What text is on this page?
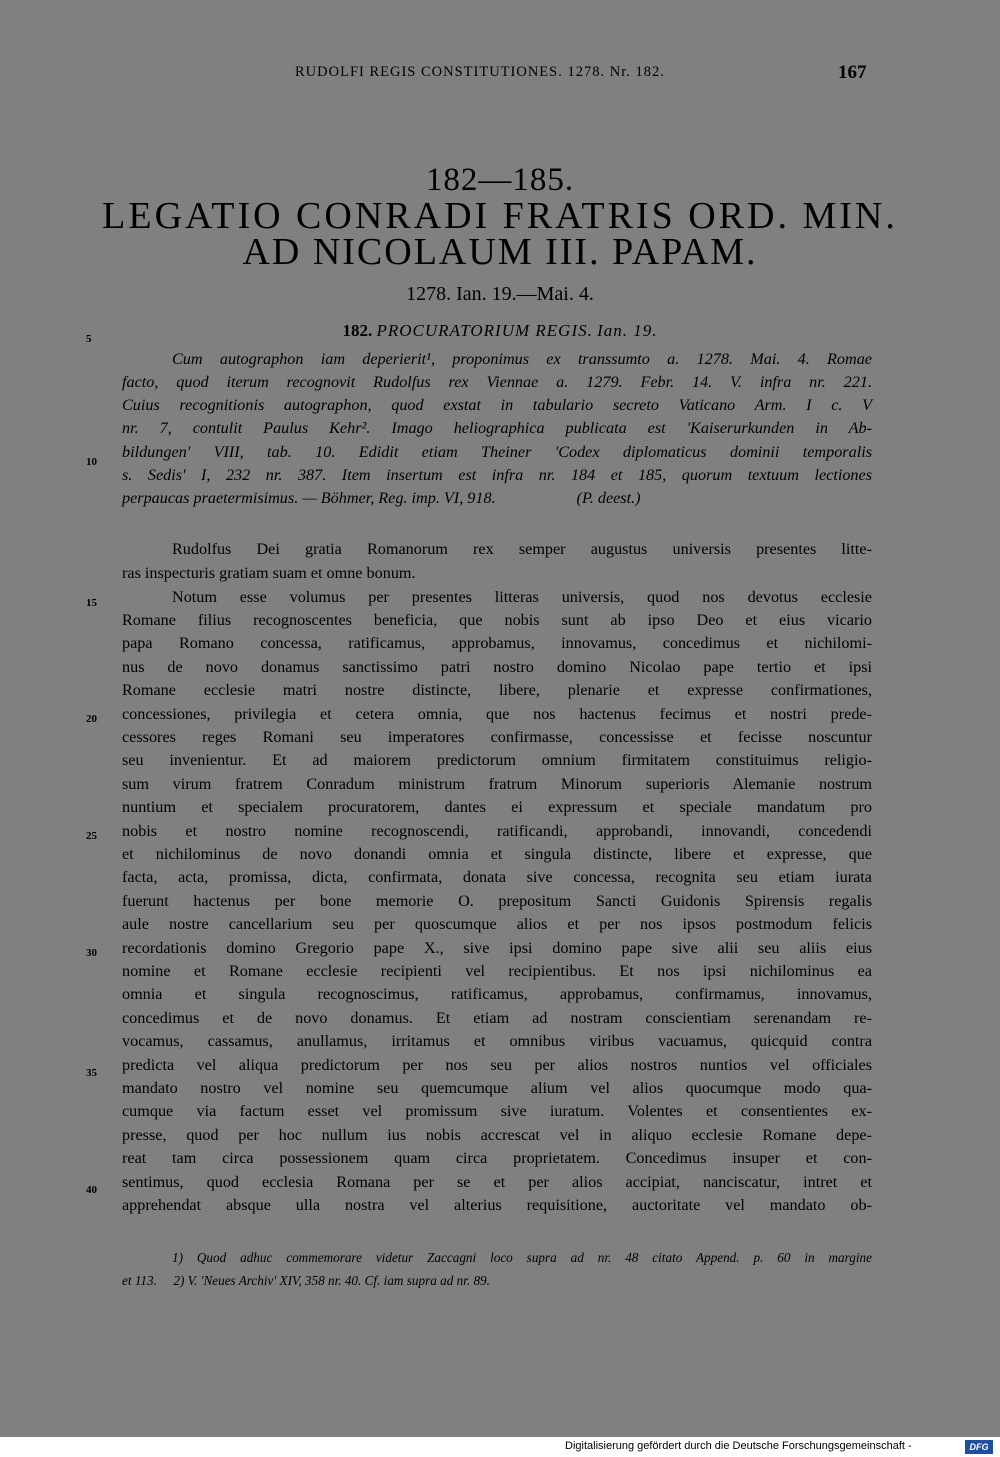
RUDOLFI REGIS CONSTITUTIONES. 1278. Nr. 182.	167
182—185.
LEGATIO CONRADI FRATRIS ORD. MIN.
AD NICOLAUM III. PAPAM.
1278. Ian. 19.—Mai. 4.
182. PROCURATORIUM REGIS. Ian. 19.
5
10
15
20
25
30
35
40
Cum autographon iam deperierit¹, proponimus ex transsumto a. 1278. Mai. 4. Romae
facto, quod iterum recognovit Rudolfus rex Viennae a. 1279. Febr. 14. V. infra nr. 221.
Cuius recognitionis autographon, quod exstat in tabulario secreto Vaticano Arm. I c. V
nr. 7, contulit Paulus Kehr². Imago heliographica publicata est 'Kaiserurkunden in Ab-
bildungen' VIII, tab. 10. Edidit etiam Theiner 'Codex diplomaticus dominii temporalis
s. Sedis' I, 232 nr. 387. Item insertum est infra nr. 184 et 185, quorum textuum lectiones
perpaucas praetermisimus. — Böhmer, Reg. imp. VI, 918.                    (P. deest.)
Rudolfus Dei gratia Romanorum rex semper augustus universis presentes litte-
ras inspecturis gratiam suam et omne bonum.
Notum esse volumus per presentes litteras universis, quod nos devotus ecclesie
Romane filius recognoscentes beneficia, que nobis sunt ab ipso Deo et eius vicario
papa Romano concessa, ratificamus, approbamus, innovamus, concedimus et nichilomi-
nus de novo donamus sanctissimo patri nostro domino Nicolao pape tertio et ipsi
Romane ecclesie matri nostre distincte, libere, plenarie et expresse confirmationes,
concessiones, privilegia et cetera omnia, que nos hactenus fecimus et nostri prede-
cessores reges Romani seu imperatores confirmasse, concessisse et fecisse noscuntur
seu invenientur. Et ad maiorem predictorum omnium firmitatem constituimus religio-
sum virum fratrem Conradum ministrum fratrum Minorum superioris Alemanie nostrum
nuntium et specialem procuratorem, dantes ei expressum et speciale mandatum pro
nobis et nostro nomine recognoscendi, ratificandi, approbandi, innovandi, concedendi
et nichilominus de novo donandi omnia et singula distincte, libere et expresse, que
facta, acta, promissa, dicta, confirmata, donata sive concessa, recognita seu etiam iurata
fuerunt hactenus per bone memorie O. prepositum Sancti Guidonis Spirensis regalis
aule nostre cancellarium seu per quoscumque alios et per nos ipsos postmodum felicis
recordationis domino Gregorio pape X., sive ipsi domino pape sive alii seu aliis eius
nomine et Romane ecclesie recipienti vel recipientibus. Et nos ipsi nichilominus ea
omnia et singula recognoscimus, ratificamus, approbamus, confirmamus, innovamus,
concedimus et de novo donamus. Et etiam ad nostram conscientiam serenandam re-
vocamus, cassamus, anullamus, irritamus et omnibus viribus vacuamus, quicquid contra
predicta vel aliqua predictorum per nos seu per alios nostros nuntios vel officiales
mandato nostro vel nomine seu quemcumque alium vel alios quocumque modo qua-
cumque via factum esset vel promissum sive iuratum. Volentes et consentientes ex-
presse, quod per hoc nullum ius nobis accrescat vel in aliquo ecclesie Romane depe-
reat tam circa possessionem quam circa proprietatem. Concedimus insuper et con-
sentimus, quod ecclesia Romana per se et per alios accipiat, nanciscatur, intret et
apprehendat absque ulla nostra vel alterius requisitione, auctoritate vel mandato ob-
1) Quod adhuc commemorare videtur Zaccagni loco supra ad nr. 48 citato Append. p. 60 in margine
et 113.     2) V. 'Neues Archiv' XIV, 358 nr. 40. Cf. iam supra ad nr. 89.
Digitalisierung gefördert durch die Deutsche Forschungsgemeinschaft -	DFG
